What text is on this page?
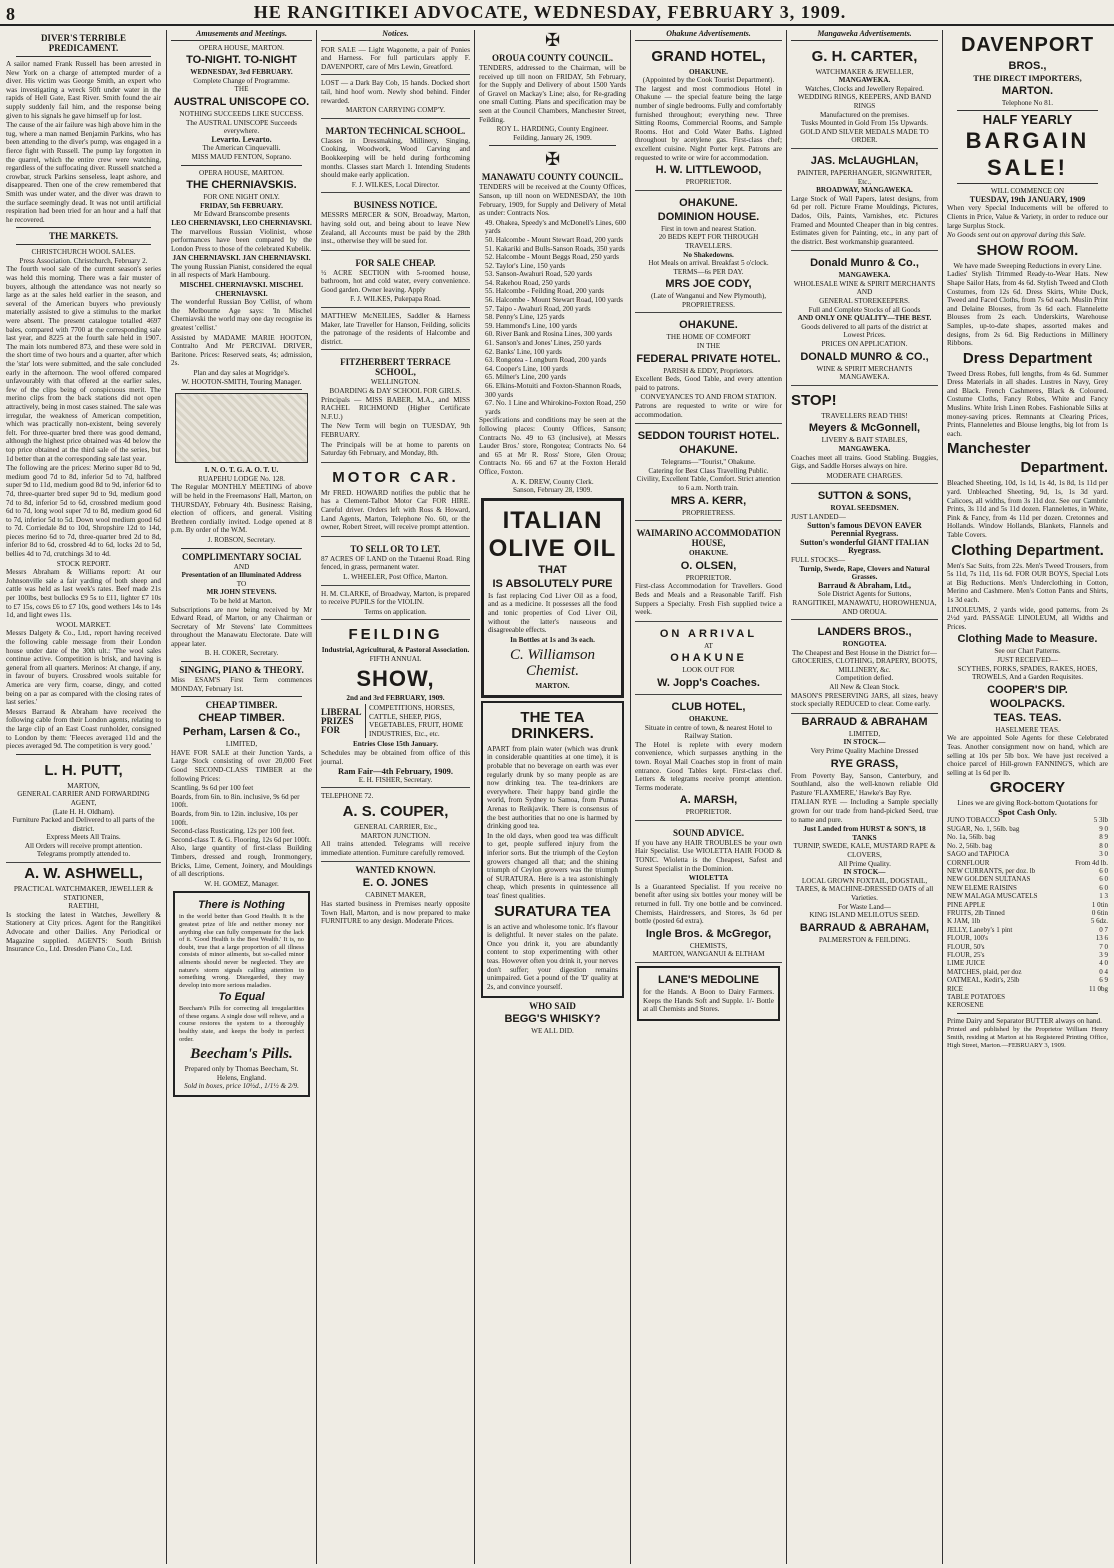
8	HE RANGITIKEI ADVOCATE, WEDNESDAY, FEBRUARY 3, 1909.
DIVER'S TERRIBLE PREDICAMENT.

A sailor named Frank Russell has been arrested in New York on a charge of attempted murder of a diver. His victim was George Smith, an expert who was investigating a wreck 50ft under water in the rapids of Hell Gate, East River. Smith found the air supply suddenly fail him, and the response being given to his signals he gave himself up for lost.

The cause of the air failure was high above him in the tug, where a man named Benjamin Parkins, who has been attending to the diver's pump, was engaged in a fierce fight with Russell. The pump lay forgotten in the quarrel, which the entire crew were watching, regardless of the suffocating diver. Russell snatched a crowbar, struck Parkins senseless, leapt ashore, and disappeared. Then one of the crew remembered that Smith was under water, and the diver was drawn to the surface seemingly dead. It was not until artificial respiration had been tried for an hour and a half that he recovered.

THE MARKETS.
CHRISTCHURCH WOOL SALES.
Press Association. Christchurch, February 2.

The fourth wool sale of the current season's series was held this morning. There was a fair muster of buyers, although the attendance was not nearly so large as at the sales held earlier in the season, and several of the American buyers who previously materially assisted to give a stimulus to the market were absent. The present catalogue totalled 4697 bales, compared with 7700 at the corresponding sale last year, and 8225 at the fourth sale held in 1907. The main lots numbered 873, and these were sold in the short time of two hours and a quarter, after which the 'star' lots were submitted, and the sale concluded early in the afternoon. The wool offered compared unfavourably with that offered at the earlier sales, few of the clips being of conspicuous merit. The merino clips from the back stations did not open attractively, being in most cases stained. The sale was irregular, the weakness of American competition, which was practically non-existent, being severely felt. For three-quarter bred there was good demand, although the highest price obtained was 4d below the top price obtained at the third sale of the series, but 1d better than at the corresponding sale last year.

The following are the prices: Merino super 8d to 9d, medium good 7d to 8d, inferior 5d to 7d, halfbred super 9d to 11d, medium good 8d to 9d, inferior 6d to 7d, three-quarter bred super 9d to 9d, medium good 7d to 8d, inferior 5d to 6d, crossbred medium good 6d to 7d, long wool super 7d to 8d, medium good 6d to 7d, inferior 5d to 5d. Down wool medium good 6d to 7d. Corriedale 8d to 10d, Shropshire 12d to 14d, pieces merino 6d to 7d, three-quarter bred 2d to 8d, inferior 8d to 6d, crossbred 4d to 6d, locks 2d to 5d, bellies 4d to 7d, crutchings 3d to 4d.

STOCK REPORT.

Messrs Abraham & Williams report: At our Johnsonville sale a fair yarding of both sheep and cattle was held as last week's rates. Beef made 21s per 100lbs, best bullocks £9 5s to £11, lighter £7 10s to £7 15s, cows £6 to £7 10s, good wethers 14s to 14s 1d, and light ewes 11s.

WOOL MARKET.

Messrs Dalgety & Co., Ltd., report having received the following cable message from their London house under date of the 30th ult.: 'The wool sales continue active. Competition is brisk, and having is general from all quarters. Merinos: At change, if any, in favour of buyers. Crossbred wools suitable for America are very firm, coarse, dingy, and cotted being on a par as compared with the closing rates of last series.'

Messrs Barraud & Abraham have received the following cable from their London agents, relating to the large clip of an East Coast runholder, consigned to London by them: 'Fleeces averaged 11d and the pieces averaged 9d. The competition is very good.'

L. H. PUTT,
MARTON,
GENERAL CARRIER AND FORWARDING AGENT,
(Late H. H. Oldham).
Furniture Packed and Delivered to all parts of the district.
Express Meets All Trains.
All Orders will receive prompt attention.
Telegrams promptly attended to.
A. W. ASHWELL,
PRACTICAL WATCHMAKER, JEWELLER & STATIONER,
RAETIHI,

Is stocking the latest in Watches, Jewellery & Stationery at City prices. Agent for the Rangitikei Advocate and other Dailies. Any Periodical or Magazine supplied. AGENTS: South British Insurance Co., Ltd. Dresden Piano Co., Ltd.

Amusements and Meetings.
OPERA HOUSE, MARTON.
TO-NIGHT. TO-NIGHT
WEDNESDAY, 3rd FEBRUARY.
Complete Change of Programme.
THE
AUSTRAL UNISCOPE CO.
NOTHING SUCCEEDS LIKE SUCCESS.
The AUSTRAL UNISCOPE Succeeds everywhere.
Levarto. Levarto.
The American Cinquevalli.
MISS MAUD FENTON, Soprano.
OPERA HOUSE, MARTON.
THE CHERNIAVSKIS.
FOR ONE NIGHT ONLY.
FRIDAY, 5th FEBRUARY.
Mr Edward Branscombe presents
LEO CHERNIAVSKI, LEO CHERNIAVSKI.

The marvellous Russian Violinist, whose performances have been compared by the London Press to those of the celebrated Kubelik.

JAN CHERNIAVSKI. JAN CHERNIAVSKI.

The young Russian Pianist, considered the equal in all respects of Mark Hambourg.

MISCHEL CHERNIAVSKI. MISCHEL CHERNIAVSKI.

The wonderful Russian Boy 'Cellist, of whom the Melbourne Age says: 'In Mischel Cherniavski the world may one day recognise its greatest 'cellist.'

Assisted by MADAME MARIE HOOTON, Contralto And Mr PERCIVAL DRIVER, Baritone. Prices: Reserved seats, 4s; admission, 2s.

Plan and day sales at Mogridge's.
W. HOOTON-SMITH, Touring Manager.
I. N. O. T. G. A. O. T. U.
RUAPEHU LODGE No. 128.

The Regular MONTHLY MEETING of above will be held in the Freemasons' Hall, Marton, on THURSDAY, February 4th. Business: Raising, election of officers, and general. Visiting Brethren cordially invited. Lodge opened at 8 p.m. By order of the W.M.

J. ROBSON, Secretary.
COMPLIMENTARY SOCIAL
AND
Presentation of an Illuminated Address
TO
MR JOHN STEVENS.
To be held at Marton.

Subscriptions are now being received by Mr Edward Read, of Marton, or any Chairman or Secretary of Mr Stevens' late Committees throughout the Manawatu Electorate. Date will appear later.

B. H. COKER, Secretary.
SINGING, PIANO & THEORY.

Miss ESAM'S First Term commences MONDAY, February 1st.

CHEAP TIMBER.
CHEAP TIMBER.
Perham, Larsen & Co.,
LIMITED,

HAVE FOR SALE at their Junction Yards, a Large Stock consisting of over 20,000 Feet Good SECOND-CLASS TIMBER at the following Prices:

Scantling, 9s 6d per 100 feet
Boards, from 6in. to 8in. inclusive, 9s 6d per 100ft.
Boards, from 9in. to 12in. inclusive, 10s per 100ft.
Second-class Rusticating, 12s per 100 feet.
Second-class T. & G. Flooring, 12s 6d per 100ft.

Also, large quantity of first-class Building Timbers, dressed and rough, Ironmongery, Bricks, Lime, Cement, Joinery, and Mouldings of all descriptions.

W. H. GOMEZ, Manager.
There is Nothing

in the world better than Good Health. It is the greatest prize of life and neither money nor anything else can fully compensate for the lack of it. 'Good Health is the Best Wealth.' It is, no doubt, true that a large proportion of all illness consists of minor ailments, but so-called minor ailments should never be neglected. They are nature's storm signals calling attention to something wrong. Disregarded, they may develop into more serious maladies.

To Equal

Beecham's Pills for correcting all irregularities of these organs. A single dose will relieve, and a course restores the system to a thoroughly healthy state, and keeps the body in perfect order.

Beecham's Pills.
Prepared only by Thomas Beecham, St. Helens, England.
Sold in boxes, price 10½d., 1/1½ & 2/9.
Notices.

FOR SALE — Light Wagonette, a pair of Ponies and Harness. For full particulars apply F. DAVENPORT, care of Mrs Lewin, Greatford.

LOST — a Dark Bay Cob, 15 hands. Docked short tail, hind hoof worn. Newly shod behind. Finder rewarded.

MARTON CARRYING COMP'Y.
MARTON TECHNICAL SCHOOL.

Classes in Dressmaking, Millinery, Singing, Cooking, Woodwork, Wood Carving and Bookkeeping will be held during forthcoming months. Classes start March 1. Intending Students should make early application.

F. J. WILKES, Local Director.
BUSINESS NOTICE.

MESSRS MERCER & SON, Broadway, Marton, having sold out, and being about to leave New Zealand, all Accounts must be paid by the 28th inst., otherwise they will be sued for.

FOR SALE CHEAP.

½ ACRE SECTION with 5-roomed house, bathroom, hot and cold water, every convenience. Good garden. Owner leaving. Apply

F. J. WILKES, Pukepapa Road.

MATTHEW McNEILIES, Saddler & Harness Maker, late Traveller for Hanson, Feilding, solicits the patronage of the residents of Halcombe and district.

FITZHERBERT TERRACE SCHOOL,
WELLINGTON.
BOARDING & DAY SCHOOL FOR GIRLS.

Principals — MISS BABER, M.A., and MISS RACHEL RICHMOND (Higher Certificate N.F.U.)

The New Term will begin on TUESDAY, 9th FEBRUARY.

The Principals will be at home to parents on Saturday 6th February, and Monday, 8th.

MOTOR CAR.

Mr FRED. HOWARD notifies the public that he has a Clement-Talbot Motor Car FOR HIRE. Careful driver. Orders left with Ross & Howard, Land Agents, Marton, Telephone No. 60, or the owner, Robert Street, will receive prompt attention.

TO SELL OR TO LET.

87 ACRES OF LAND on the Tutaenui Road. Ring fenced, in grass, permanent water.

L. WHEELER, Post Office, Marton.

H. M. CLARKE, of Broadway, Marton, is prepared to receive PUPILS for the VIOLIN.

Terms on application.
FEILDING
Industrial, Agricultural, & Pastoral Association.
FIFTH ANNUAL
SHOW,
2nd and 3rd FEBRUARY, 1909.
LIBERAL PRIZES FOR
COMPETITIONS, HORSES, CATTLE, SHEEP, PIGS, VEGETABLES, FRUIT, HOME INDUSTRIES, Etc., etc.
Entries Close 15th January.

Schedules may be obtained from office of this journal.

Ram Fair—4th February, 1909.
E. H. FISHER, Secretary.
TELEPHONE 72.
A. S. COUPER,
GENERAL CARRIER, Etc.,
MARTON JUNCTION.

All trains attended. Telegrams will receive immediate attention. Furniture carefully removed.

WANTED KNOWN.
E. O. JONES
CABINET MAKER,

Has started business in Premises nearly opposite Town Hall, Marton, and is now prepared to make FURNITURE to any design. Moderate Prices.

✠
OROUA COUNTY COUNCIL.

TENDERS, addressed to the Chairman, will be received up till noon on FRIDAY, 5th February, for the Supply and Delivery of about 1500 Yards of Gravel on Mackay's Line; also, for Re-grading one small Cutting. Plans and specification may be seen at the Council Chambers, Manchester Street, Feilding.

ROY L. HARDING, County Engineer.
Feilding, January 26, 1909.
✠
MANAWATU COUNTY COUNCIL.

TENDERS will be received at the County Offices, Sanson, up till noon on WEDNESDAY, the 10th February, 1909, for Supply and Delivery of Metal as under: Contracts Nos.

49. Ohakea, Speedy's and McDonell's Lines, 600 yards
50. Halcombe - Mount Stewart Road, 200 yards
51. Kakariki and Bulls-Sanson Roads, 350 yards
52. Halcombe - Mount Beggs Road, 250 yards
52. Taylor's Line, 150 yards
53. Sanson-Awahuri Road, 520 yards
54. Rakehou Road, 250 yards
55. Halcombe - Feilding Road, 200 yards
56. Halcombe - Mount Stewart Road, 100 yards
57. Taipo - Awahuri Road, 200 yards
58. Penny's Line, 125 yards
59. Hammond's Line, 100 yards
60. River Bank and Rosina Lines, 300 yards
61. Sanson's and Jones' Lines, 250 yards
62. Banks' Line, 100 yards
63. Rongotea - Longburn Road, 200 yards
64. Cooper's Line, 100 yards
65. Milner's Line, 200 yards
66. Elkins-Motuiti and Foxton-Shannon Roads, 300 yards
67. No. 1 Line and Whirokino-Foxton Road, 250 yards

Specifications and conditions may be seen at the following places: County Offices, Sanson; Contracts No. 49 to 63 (inclusive), at Messrs Lauder Bros.' store, Rongotea; Contracts No. 64 and 65 at Mr R. Ross' Store, Glen Oroua; Contracts No. 66 and 67 at the Foxton Herald Office, Foxton.

A. K. DREW, County Clerk.
Sanson, February 28, 1909.
ITALIAN
OLIVE OIL
THAT
IS ABSOLUTELY PURE

Is fast replacing Cod Liver Oil as a food, and as a medicine. It possesses all the food and tonic properties of Cod Liver Oil, without the latter's nauseous and disagreeable effects.

In Bottles at 1s and 3s each.
C. Williamson Chemist.
MARTON.
THE TEA DRINKERS.

APART from plain water (which was drunk in considerable quantities at one time), it is probable that no beverage on earth was ever regularly drunk by so many people as are now drinking tea. The tea-drinkers are everywhere. Their happy band girdle the world, from Sydney to Samoa, from Puntas Arenas to Reikjavik. There is consensus of the best authorities that no one is harmed by drinking good tea.

In the old days, when good tea was difficult to get, people suffered injury from the inferior sorts. But the triumph of the Ceylon growers changed all that; and the shining triumph of Ceylon growers was the triumph of SURATURA. Here is a tea astonishingly cheap, which presents in quintessence all teas' finest qualities.

SURATURA TEA

is an active and wholesome tonic. It's flavour is delightful. It never stales on the palate. Once you drink it, you are abundantly content to stop experimenting with other teas. However often you drink it, your nerves don't suffer; your digestion remains unimpaired. Get a pound of the 'D' quality at 2s, and convince yourself.

WHO SAID
BEGG'S WHISKY?
WE ALL DID.
Ohakune Advertisements.
GRAND HOTEL,
OHAKUNE.
(Appointed by the Cook Tourist Department).

The largest and most commodious Hotel in Ohakune — the special feature being the large number of single bedrooms. Fully and comfortably furnished throughout; everything new. Three Sitting Rooms, Commercial Rooms, and Sample Rooms. Hot and Cold Water Baths. Lighted throughout by acetylene gas. First-class chef; excellent cuisine. Night Porter kept. Patrons are requested to write or wire for accommodation.

H. W. LITTLEWOOD,
PROPRIETOR.
OHAKUNE.
DOMINION HOUSE.
First in town and nearest Station.
20 BEDS KEPT FOR THROUGH TRAVELLERS.
No Shakedowns.
Hot Meals on arrival. Breakfast 5 o'clock.
TERMS—6s PER DAY.
MRS JOE CODY,
(Late of Wanganui and New Plymouth),
PROPRIETRESS.
OHAKUNE.
THE HOME OF COMFORT
IN THE
FEDERAL PRIVATE HOTEL.
PARISH & EDDY, Proprietors.

Excellent Beds, Good Table, and every attention paid to patrons.

CONVEYANCES TO AND FROM STATION.

Patrons are requested to write or wire for accommodation.

SEDDON TOURIST HOTEL.
OHAKUNE.
Telegrams—"Tourist," Ohakune.
Catering for Best Class Travelling Public.
Civility, Excellent Table, Comfort. Strict attention to 6 a.m. North train.
MRS A. KERR,
PROPRIETRESS.
WAIMARINO ACCOMMODATION HOUSE,
OHAKUNE.
O. OLSEN,
PROPRIETOR.

First-class Accommodation for Travellers. Good Beds and Meals and a Reasonable Tariff. Fish Suppers a Specialty. Fresh Fish supplied twice a week.

ON ARRIVAL
AT
OHAKUNE
LOOK OUT FOR
W. Jopp's Coaches.
CLUB HOTEL,
OHAKUNE.
Situate in centre of town, & nearest Hotel to Railway Station.

The Hotel is replete with every modern convenience, which surpasses anything in the town. Royal Mail Coaches stop in front of main entrance. Good Tables kept. First-class chef. Letters & telegrams receive prompt attention. Terms moderate.

A. MARSH,
PROPRIETOR.
SOUND ADVICE.

If you have any HAIR TROUBLES be your own Hair Specialist. Use WIOLETTA HAIR FOOD & TONIC. Wioletta is the Cheapest, Safest and Surest Specialist in the Dominion.

WIOLETTA

Is a Guaranteed Specialist. If you receive no benefit after using six bottles your money will be returned in full. Try one bottle and be convinced. Chemists, Hairdressers, and Stores, 3s 6d per bottle (posted 6d extra).

Ingle Bros. & McGregor,
CHEMISTS,
MARTON, WANGANUI & ELTHAM
LANE'S MEDOLINE

for the Hands. A Boon to Dairy Farmers. Keeps the Hands Soft and Supple. 1/- Bottle at all Chemists and Stores.

Mangaweka Advertisements.
G. H. CARTER,
WATCHMAKER & JEWELLER,
MANGAWEKA.
Watches, Clocks and Jewellery Repaired.
WEDDING RINGS, KEEPERS, AND BAND RINGS
Manufactured on the premises.
Tusks Mounted in Gold From 15s Upwards.
GOLD AND SILVER MEDALS MADE TO ORDER.
JAS. McLAUGHLAN,
PAINTER, PAPERHANGER, SIGNWRITER, Etc.,
BROADWAY, MANGAWEKA.

Large Stock of Wall Papers, latest designs, from 6d per roll. Picture Frame Mouldings, Pictures, Dados, Oils, Paints, Varnishes, etc. Pictures Framed and Mounted Cheaper than in big centres. Estimates given for Painting, etc., in any part of the district. Best workmanship guaranteed.

Donald Munro & Co.,
MANGAWEKA.
WHOLESALE WINE & SPIRIT MERCHANTS
AND
GENERAL STOREKEEPERS.
Full and Complete Stocks of all Goods
AND ONLY ONE QUALITY—THE BEST.
Goods delivered to all parts of the district at Lowest Prices.
PRICES ON APPLICATION.
DONALD MUNRO & CO.,
WINE & SPIRIT MERCHANTS
MANGAWEKA.
STOP!
TRAVELLERS READ THIS!
Meyers & McGonnell,
LIVERY & BAIT STABLES,
MANGAWEKA.

Coaches meet all trains. Good Stabling. Buggies, Gigs, and Saddle Horses always on hire.

MODERATE CHARGES.
SUTTON & SONS,
ROYAL SEEDSMEN.
JUST LANDED—
Sutton's famous DEVON EAVER Perennial Ryegrass.
Sutton's wonderful GIANT ITALIAN Ryegrass.
FULL STOCKS—
Turnip, Swede, Rape, Clovers and Natural Grasses.
Barraud & Abraham, Ltd.,
Sole District Agents for Suttons,
RANGITIKEI, MANAWATU, HOROWHENUA, AND OROUA.
LANDERS BROS.,
RONGOTEA.
The Cheapest and Best House in the District for—
GROCERIES, CLOTHING, DRAPERY, BOOTS, MILLINERY, &c.
Competition defied.
All New & Clean Stock.

MASON'S PRESERVING JARS, all sizes, heavy stock specially REDUCED to clear. Come early.

BARRAUD & ABRAHAM
LIMITED,
IN STOCK—
Very Prime Quality Machine Dressed
RYE GRASS,

From Poverty Bay, Sanson, Canterbury, and Southland, also the well-known reliable Old Pasture 'FLAXMERE,' Hawke's Bay Rye.

ITALIAN RYE — Including a Sample specially grown for our trade from hand-picked Seed, true to name and pure.

Just Landed from HURST & SON'S, 18 TANKS
TURNIP, SWEDE, KALE, MUSTARD RAPE & CLOVERS,
All Prime Quality.
IN STOCK—
LOCAL GROWN FOXTAIL, DOGSTAIL, TARES, & MACHINE-DRESSED OATS of all Varieties.
For Waste Land—
KING ISLAND MELILOTUS SEED.
BARRAUD & ABRAHAM,
PALMERSTON & FEILDING.
DAVENPORT
BROS.,
THE DIRECT IMPORTERS,
MARTON.
Telephone No 81.
HALF YEARLY
BARGAIN
SALE!
WILL COMMENCE ON
TUESDAY, 19th JANUARY, 1909

When very Special Inducements will be offered to Clients in Price, Value & Variety, in order to reduce our large Surplus Stock.

No Goods sent out on approval during this Sale.

SHOW ROOM.
We have made Sweeping Reductions in every Line.

Ladies' Stylish Trimmed Ready-to-Wear Hats. New Shape Sailor Hats, from 4s 6d. Stylish Tweed and Cloth Costumes, from 12s 6d. Dress Skirts, White Duck, Tweed and Faced Cloths, from 7s 6d each. Muslin Print and Delaine Blouses, from 3s 6d each. Flannelette Blouses from 2s each. Underskirts, Warehouse Samples, up-to-date shapes, assorted makes and designs, from 2s 6d. Big Reductions in Millinery Ribbons.

Dress Department

Tweed Dress Robes, full lengths, from 4s 6d. Summer Dress Materials in all shades. Lustres in Navy, Grey and Black. French Cashmeres, Black & Coloured. Costume Cloths, Fancy Robes, White and Fancy Muslins. White Irish Linen Robes. Fashionable Silks at money-saving prices. Remnants at Clearing Prices, Prints, Flannelettes and Blouse lengths, big lot from 1s each.

Manchester
Department.

Bleached Sheeting, 10d, 1s 1d, 1s 4d, 1s 8d, 1s 11d per yard. Unbleached Sheeting, 9d, 1s, 1s 3d yard. Calicoes, all widths, from 3s 11d doz. See our Cambric Prints, 3s 11d and 5s 11d dozen. Flannelettes, in White, Pink & Fancy, from 4s 11d per dozen. Cretonnes and Hollands. Window Hollands, Blankets, Flannels and Table Covers.

Clothing Department.

Men's Sac Suits, from 22s. Men's Tweed Trousers, from 5s 11d, 7s 11d, 11s 6d. FOR OUR BOYS, Special Lots at Big Reductions. Men's Underclothing in Cotton, Merino and Cashmere. Men's Cotton Pants and Shirts, 1s 3d each.

LINOLEUMS, 2 yards wide, good patterns, from 2s 2½d yard. PASSAGE LINOLEUM, all Widths and Prices.

Clothing Made to Measure.
See our Chart Patterns.
JUST RECEIVED—
SCYTHES, FORKS, SPADES, RAKES, HOES, TROWELS, And a Garden Requisites.
COOPER'S DIP.
WOOLPACKS.
TEAS. TEAS.
HASELMERE TEAS.

We are appointed Sole Agents for these Celebrated Teas. Another consignment now on hand, which are selling at 10s per 5lb box. We have just received a choice parcel of Hill-grown FANNING'S, which are selling at 1s 6d per lb.

GROCERY
Lines we are giving Rock-bottom Quotations for
Spot Cash Only.
JUNO TOBACCO	5 3lb
SUGAR, No. 1, 56lb. bag	9 0
No. 1a, 56lb. bag	8 9
No. 2, 56lb. bag	8 0
SAGO and TAPIOCA	3 0
CORNFLOUR	From 4d lb.
NEW CURRANTS, per doz. lb	6 0
NEW GOLDEN SULTANAS	6 0
NEW ELEME RAISINS	6 0
NEW MALAGA MUSCATELS	1 3
PINE APPLE	1 0tin
FRUITS, 2lb Tinned	0 6tin
K JAM, 1lb	5 6dz.
JELLY, Laneby's 1 pint	0 7
FLOUR, 100's	13 6
FLOUR, 50's	7 0
FLOUR, 25's	3 9
LIME JUICE	4 0
MATCHES, plaid, per doz	0 4
OATMEAL, Kedit's, 25lb	6 9
RICE	11 0bg
TABLE POTATOES
KEROSENE

Prime Dairy and Separator BUTTER always on hand.

Printed and published by the Proprietor William Henry Smith, residing at Marton at his Registered Printing Office, High Street, Marton.—FEBRUARY 3, 1909.
